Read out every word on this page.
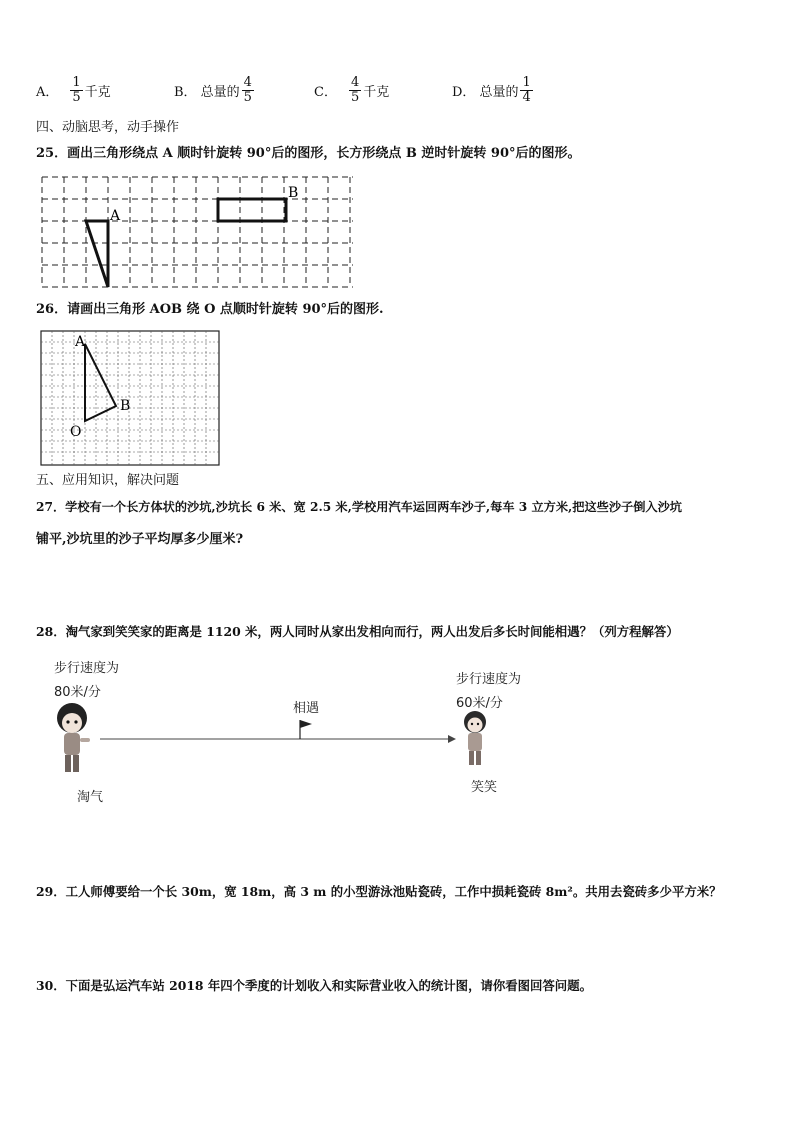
A． $\frac{1}{5}$ 千克	B． 总量的 $\frac{4}{5}$	C． $\frac{4}{5}$ 千克	D． 总量的 $\frac{1}{4}$
四、动脑思考，动手操作
25．画出三角形绕点 A 顺时针旋转 90°后的图形，长方形绕点 B 逆时针旋转 90°后的图形。
A
B
26．请画出三角形 AOB 绕 O 点顺时针旋转 90°后的图形.
A
B
O
五、应用知识，解决问题
27．学校有一个长方体状的沙坑,沙坑长 6 米、宽 2.5 米,学校用汽车运回两车沙子,每车 3 立方米,把这些沙子倒入沙坑
铺平,沙坑里的沙子平均厚多少厘米?
28．淘气家到笑笑家的距离是 1120 米，两人同时从家出发相向而行，两人出发后多长时间能相遇？（列方程解答）
步行速度为
80米/分
步行速度为
60米/分
相遇
淘气
笑笑
29．工人师傅要给一个长 30m，宽 18m，高 3 m 的小型游泳池贴瓷砖，工作中损耗瓷砖 8m²。共用去瓷砖多少平方米？
30．下面是弘运汽车站 2018 年四个季度的计划收入和实际营业收入的统计图，请你看图回答问题。
